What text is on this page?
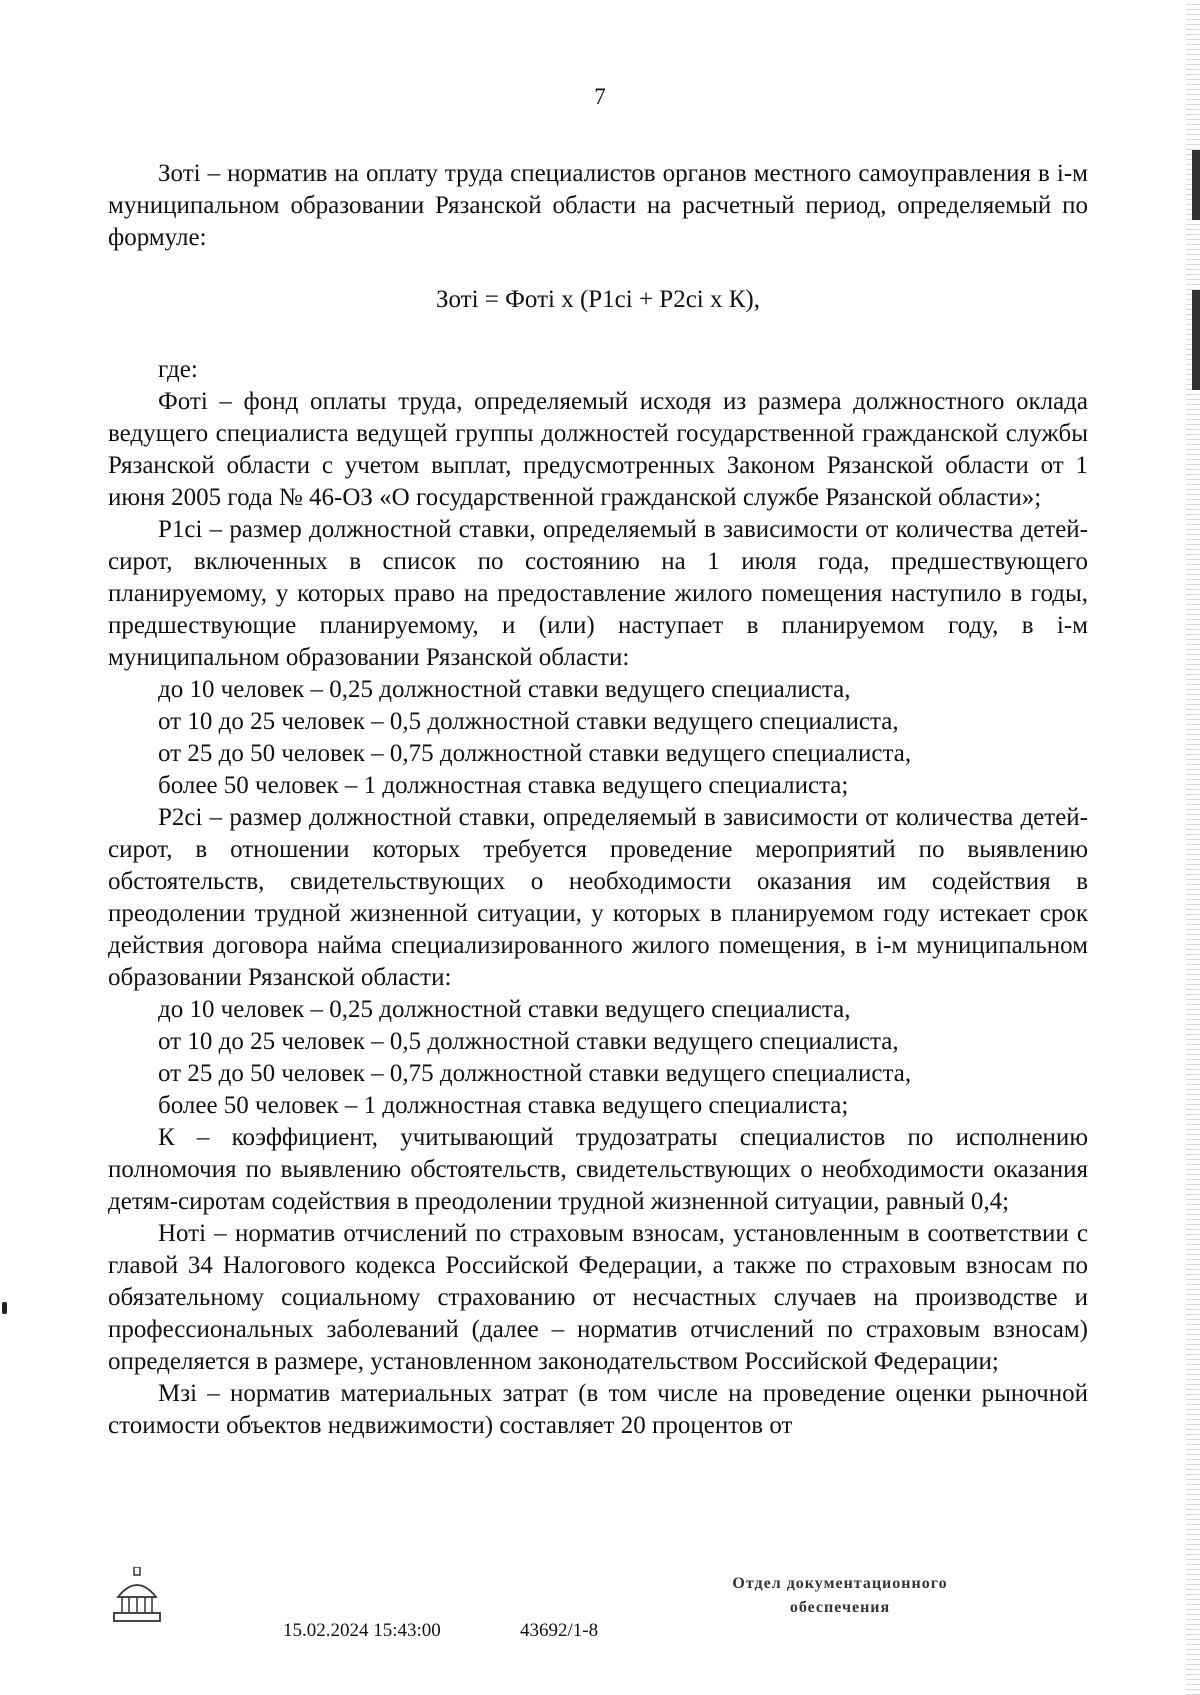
7

Зоті – норматив на оплату труда специалистов органов местного самоуправления в і-м муниципальном образовании Рязанской области на расчетный период, определяемый по формуле:

Зоті = Фоті х (Р1сі + Р2сі х К),

где:

Фоті – фонд оплаты труда, определяемый исходя из размера должностного оклада ведущего специалиста ведущей группы должностей государственной гражданской службы Рязанской области с учетом выплат, предусмотренных Законом Рязанской области от 1 июня 2005 года № 46-ОЗ «О государственной гражданской службе Рязанской области»;

Р1сі – размер должностной ставки, определяемый в зависимости от количества детей-сирот, включенных в список по состоянию на 1 июля года, предшествующего планируемому, у которых право на предоставление жилого помещения наступило в годы, предшествующие планируемому, и (или) наступает в планируемом году, в і-м муниципальном образовании Рязанской области:

до 10 человек – 0,25 должностной ставки ведущего специалиста,

от 10 до 25 человек – 0,5 должностной ставки ведущего специалиста,

от 25 до 50 человек – 0,75 должностной ставки ведущего специалиста,

более 50 человек – 1 должностная ставка ведущего специалиста;

Р2сі – размер должностной ставки, определяемый в зависимости от количества детей-сирот, в отношении которых требуется проведение мероприятий по выявлению обстоятельств, свидетельствующих о необходимости оказания им содействия в преодолении трудной жизненной ситуации, у которых в планируемом году истекает срок действия договора найма специализированного жилого помещения, в і-м муниципальном образовании Рязанской области:

до 10 человек – 0,25 должностной ставки ведущего специалиста,

от 10 до 25 человек – 0,5 должностной ставки ведущего специалиста,

от 25 до 50 человек – 0,75 должностной ставки ведущего специалиста,

более 50 человек – 1 должностная ставка ведущего специалиста;

К – коэффициент, учитывающий трудозатраты специалистов по исполнению полномочия по выявлению обстоятельств, свидетельствующих о необходимости оказания детям-сиротам содействия в преодолении трудной жизненной ситуации, равный 0,4;

Ноті – норматив отчислений по страховым взносам, установленным в соответствии с главой 34 Налогового кодекса Российской Федерации, а также по страховым взносам по обязательному социальному страхованию от несчастных случаев на производстве и профессиональных заболеваний (далее – норматив отчислений по страховым взносам) определяется в размере, установленном законодательством Российской Федерации;

Мзі – норматив материальных затрат (в том числе на проведение оценки рыночной стоимости объектов недвижимости) составляет 20 процентов от

15.02.2024 15:43:00	43692/1-8
Отдел документационного
обеспечения
